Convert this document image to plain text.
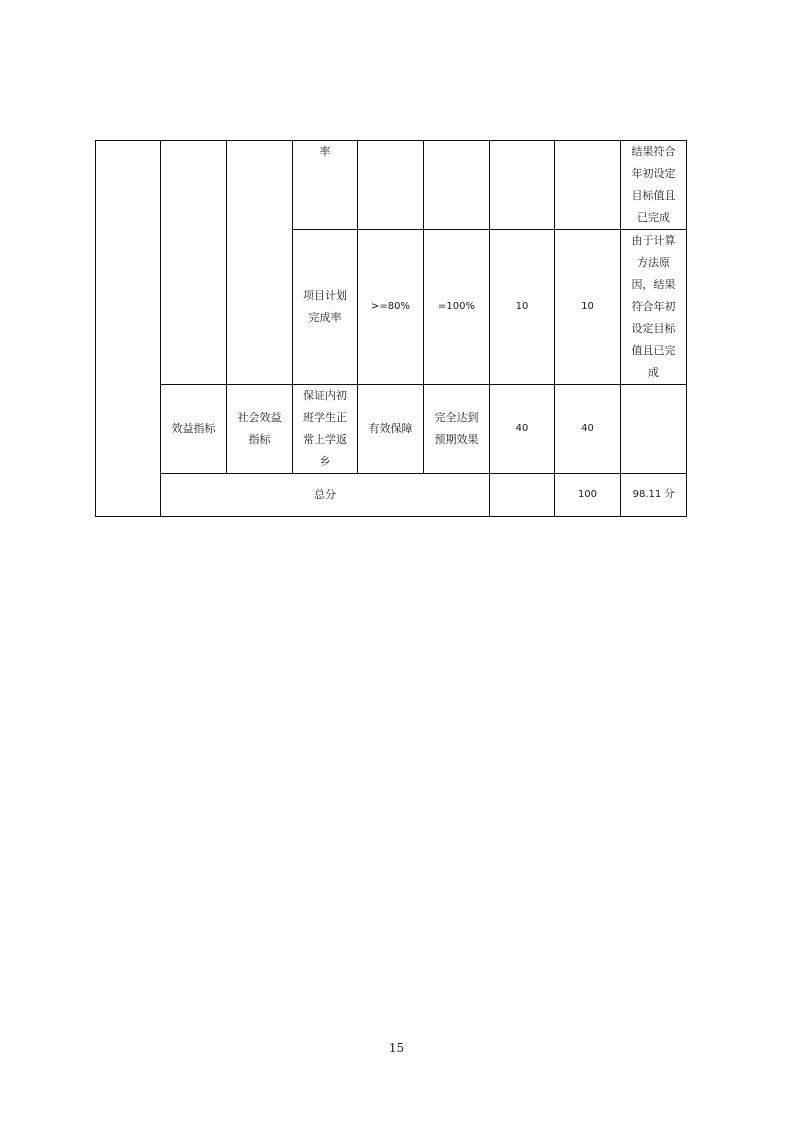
			率					结果符合年初设定目标值且已完成	

			项目计划完成率	>=80%	=100%	10	10	由于计算方法原因，结果符合年初设定目标值且已完成	

	效益指标	社会效益指标	保证内初班学生正常上学返乡	有效保障	完全达到预期效果	40	40		
	总分						100	98.11 分	
15
